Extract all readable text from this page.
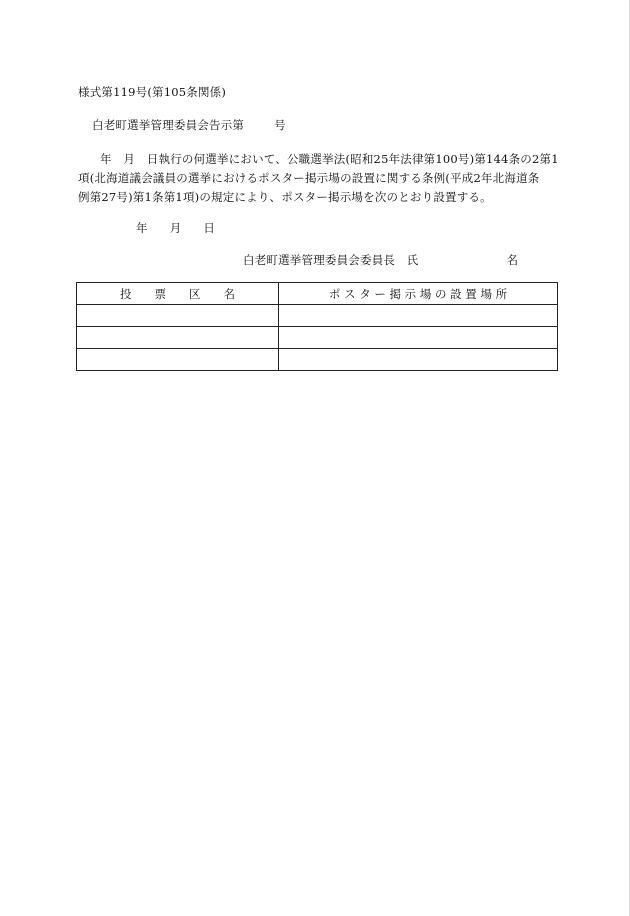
様式第119号(第105条関係)
白老町選挙管理委員会告示第	号
年　月　日執行の何選挙において、公職選挙法(昭和25年法律第100号)第144条の2第1
項(北海道議会議員の選挙におけるポスター掲示場の設置に関する条例(平成2年北海道条
例第27号)第1条第1項)の規定により、ポスター掲示場を次のとおり設置する。
年 月 日
白老町選挙管理委員会委員長　氏	名
投　　票　　区　　名	ポ ス タ ー 掲 示 場 の 設 置 場 所
